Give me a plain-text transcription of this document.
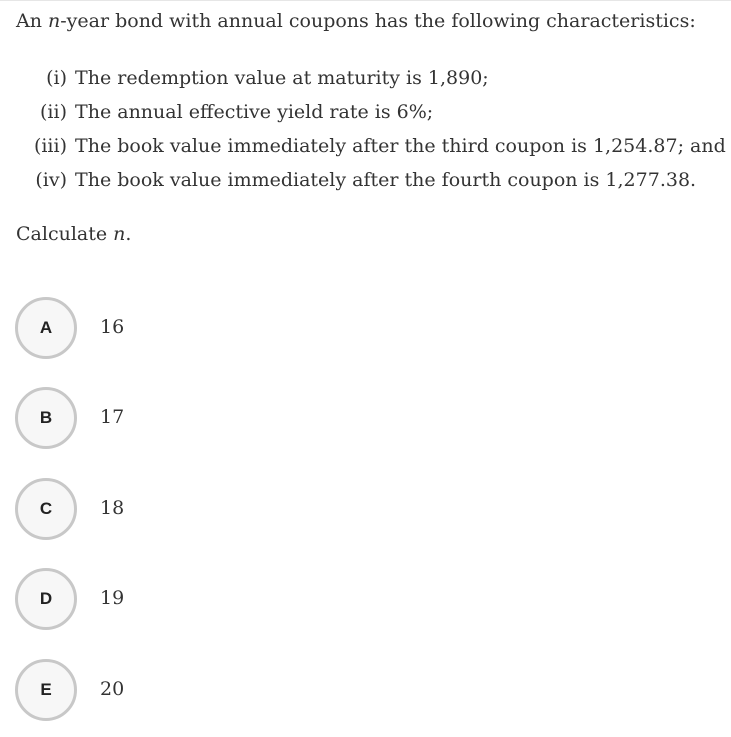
An n-year bond with annual coupons has the following characteristics:

(i) The redemption value at maturity is 1,890;
(ii) The annual effective yield rate is 6%;
(iii) The book value immediately after the third coupon is 1,254.87; and
(iv) The book value immediately after the fourth coupon is 1,277.38.

Calculate n.

A	16
B	17
C	18
D	19
E	20
